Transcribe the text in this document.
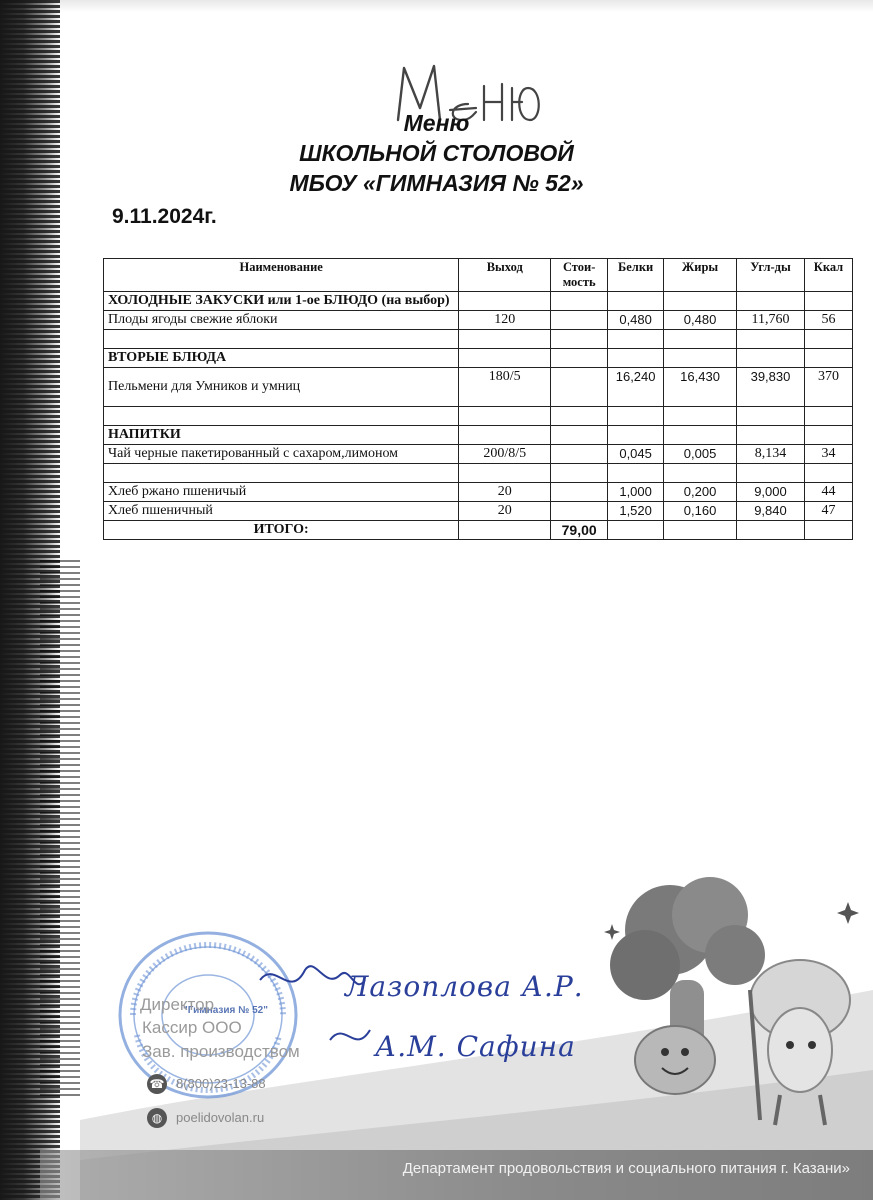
Меню
ШКОЛЬНОЙ СТОЛОВОЙ
МБОУ «ГИМНАЗИЯ № 52»
9.11.2024г.
Наименование	Выход	Стои-мость	Белки	Жиры	Угл-ды	Ккал
ХОЛОДНЫЕ ЗАКУСКИ или 1-ое БЛЮДО (на выбор)						
Плоды ягоды свежие яблоки	120		0,480	0,480	11,760	56

ВТОРЫЕ БЛЮДА						
Пельмени для Умников и умниц	180/5		16,240	16,430	39,830	370

НАПИТКИ						
Чай черные пакетированный с сахаром,лимоном	200/8/5		0,045	0,005	8,134	34

Хлеб ржано пшеничый	20		1,000	0,200	9,000	44
Хлеб пшеничный	20		1,520	0,160	9,840	47
ИТОГО:		79,00				
"Гимназия № 52"
Директор
Кассир ООО
Зав. производством
Лазоплова А.Р.
А.М. Сафина
☎ 8(800)23-13-88
◍	poelidovolan.ru
Департамент продовольствия и социального питания г. Казани»
